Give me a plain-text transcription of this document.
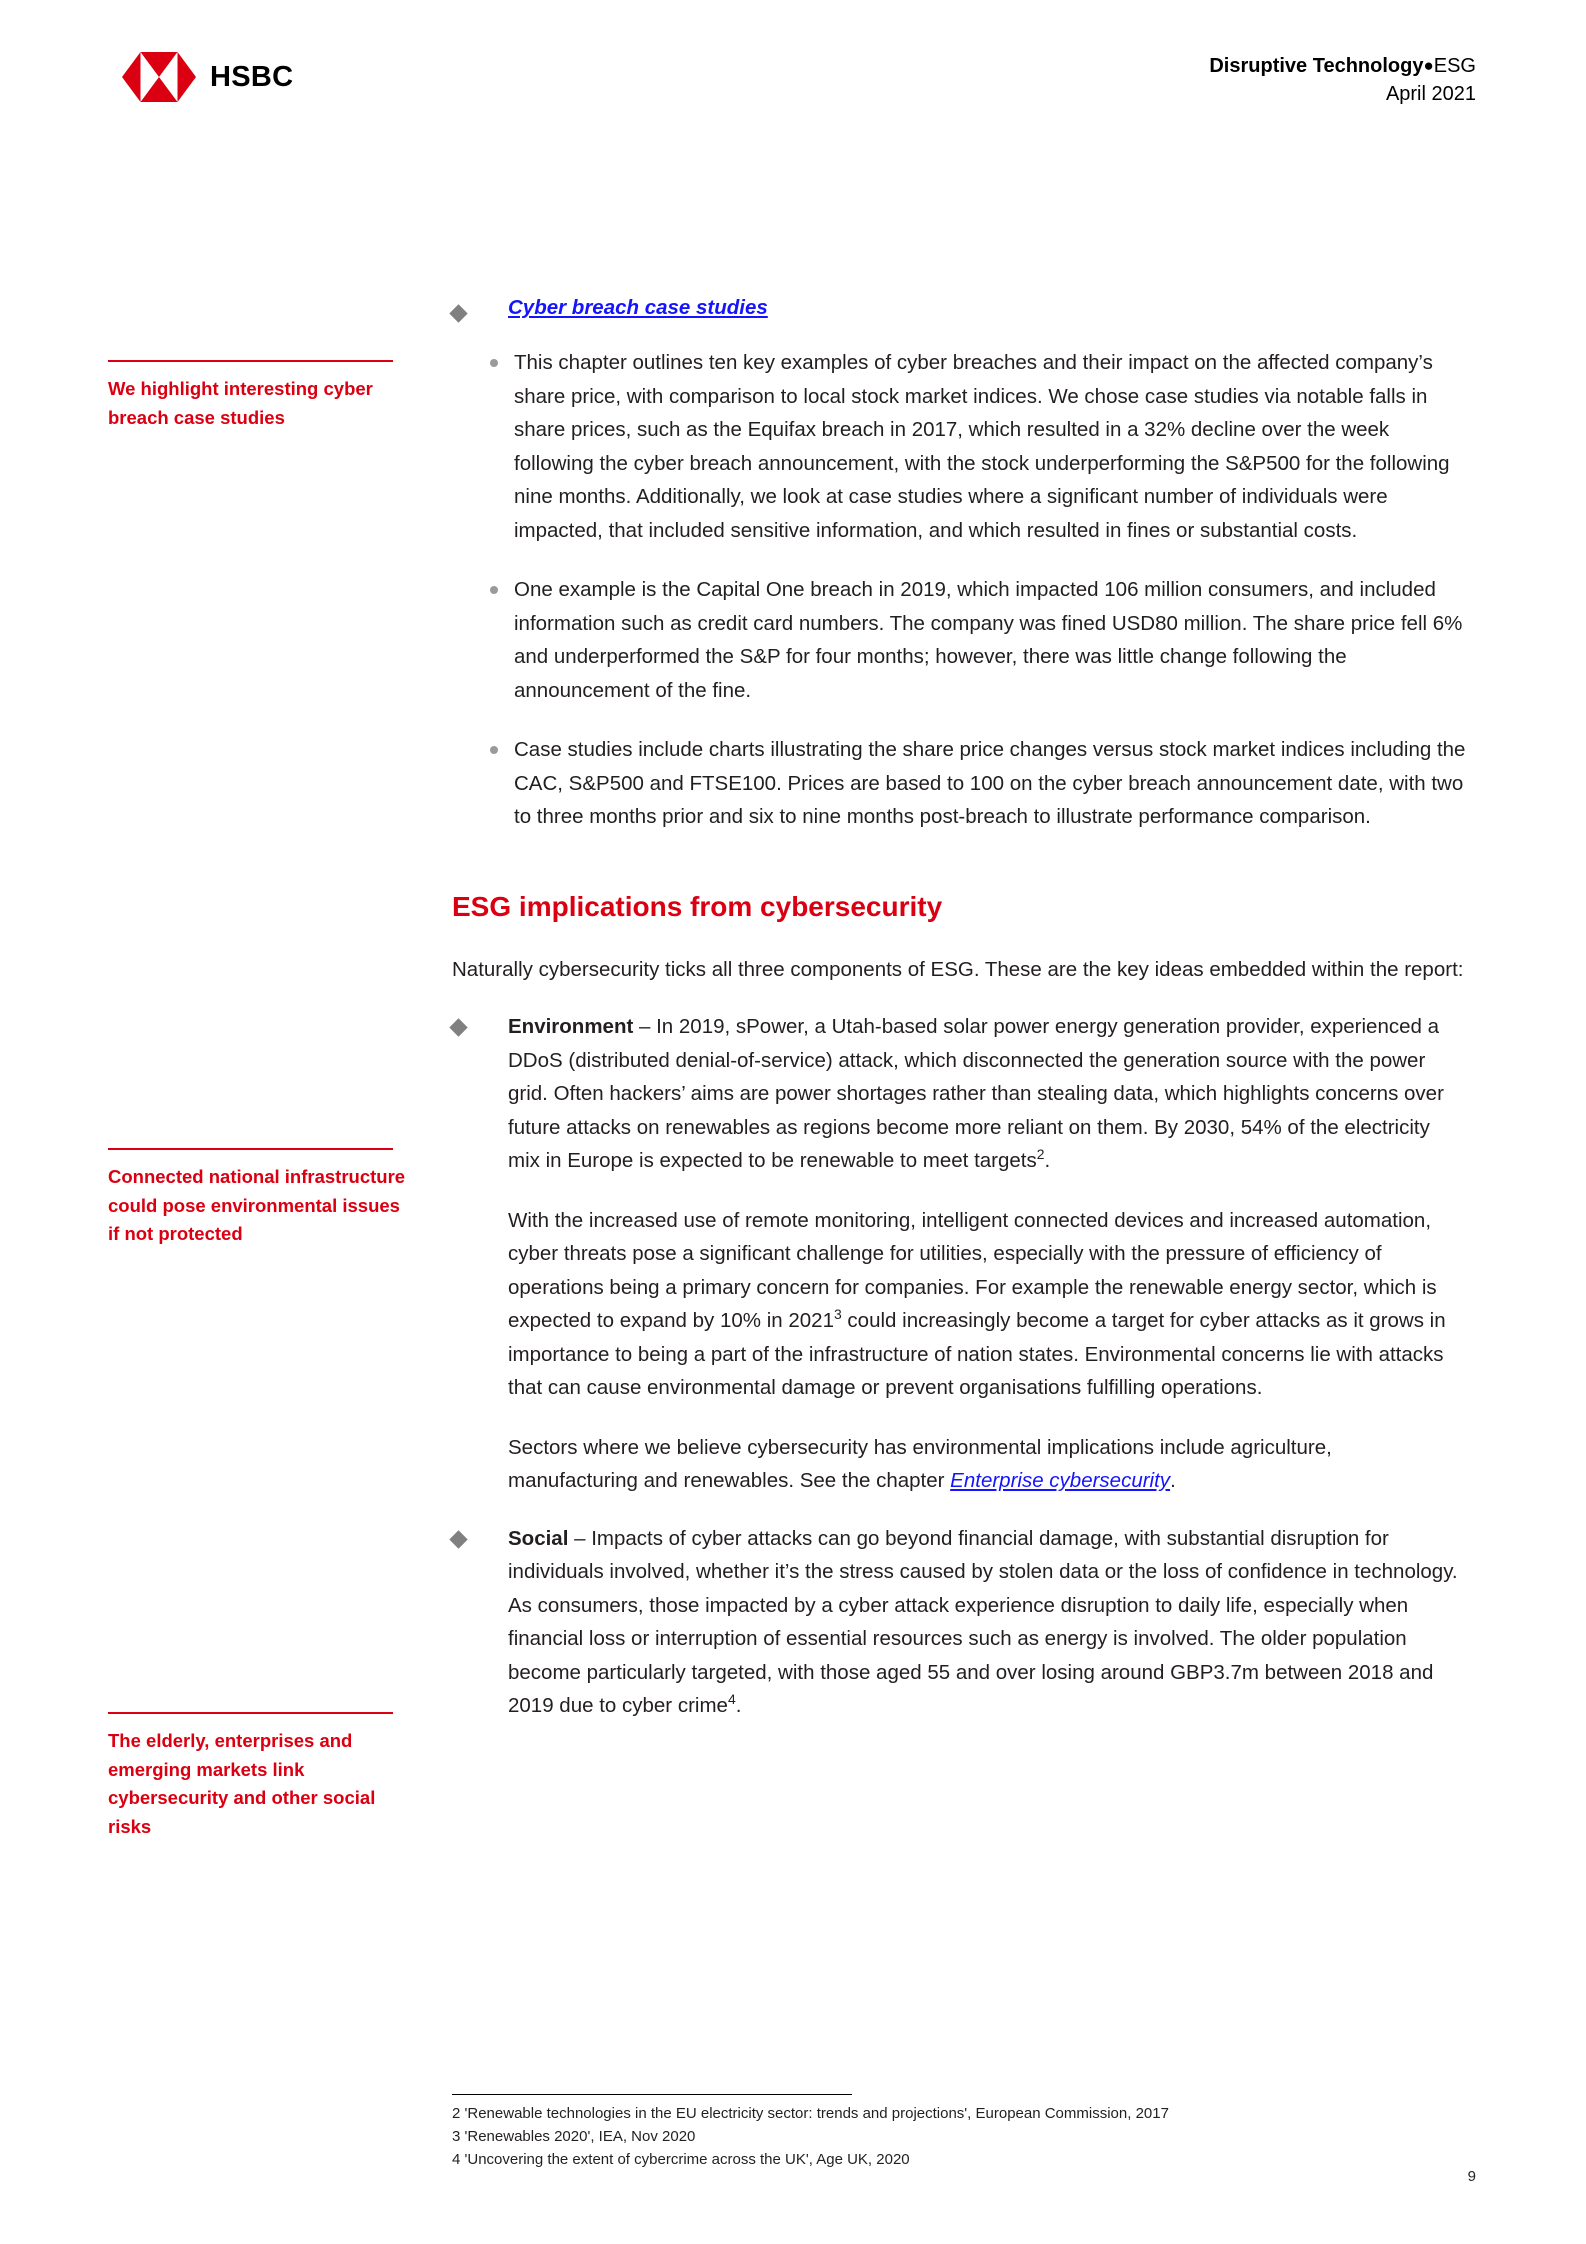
HSBC	Disruptive Technology●ESG
April 2021
We highlight interesting cyber breach case studies
Connected national infrastructure could pose environmental issues if not protected
The elderly, enterprises and emerging markets link cybersecurity and other social risks
Cyber breach case studies
This chapter outlines ten key examples of cyber breaches and their impact on the affected company’s share price, with comparison to local stock market indices. We chose case studies via notable falls in share prices, such as the Equifax breach in 2017, which resulted in a 32% decline over the week following the cyber breach announcement, with the stock underperforming the S&P500 for the following nine months. Additionally, we look at case studies where a significant number of individuals were impacted, that included sensitive information, and which resulted in fines or substantial costs.
One example is the Capital One breach in 2019, which impacted 106 million consumers, and included information such as credit card numbers. The company was fined USD80 million. The share price fell 6% and underperformed the S&P for four months; however, there was little change following the announcement of the fine.
Case studies include charts illustrating the share price changes versus stock market indices including the CAC, S&P500 and FTSE100. Prices are based to 100 on the cyber breach announcement date, with two to three months prior and six to nine months post-breach to illustrate performance comparison.
ESG implications from cybersecurity
Naturally cybersecurity ticks all three components of ESG. These are the key ideas embedded within the report:
Environment – In 2019, sPower, a Utah-based solar power energy generation provider, experienced a DDoS (distributed denial-of-service) attack, which disconnected the generation source with the power grid. Often hackers’ aims are power shortages rather than stealing data, which highlights concerns over future attacks on renewables as regions become more reliant on them. By 2030, 54% of the electricity mix in Europe is expected to be renewable to meet targets$^2$.
With the increased use of remote monitoring, intelligent connected devices and increased automation, cyber threats pose a significant challenge for utilities, especially with the pressure of efficiency of operations being a primary concern for companies. For example the renewable energy sector, which is expected to expand by 10% in 2021$^3$ could increasingly become a target for cyber attacks as it grows in importance to being a part of the infrastructure of nation states. Environmental concerns lie with attacks that can cause environmental damage or prevent organisations fulfilling operations.
Sectors where we believe cybersecurity has environmental implications include agriculture, manufacturing and renewables. See the chapter Enterprise cybersecurity.
Social – Impacts of cyber attacks can go beyond financial damage, with substantial disruption for individuals involved, whether it’s the stress caused by stolen data or the loss of confidence in technology. As consumers, those impacted by a cyber attack experience disruption to daily life, especially when financial loss or interruption of essential resources such as energy is involved. The older population become particularly targeted, with those aged 55 and over losing around GBP3.7m between 2018 and 2019 due to cyber crime$^4$.
2 'Renewable technologies in the EU electricity sector: trends and projections', European Commission, 2017
3 'Renewables 2020', IEA, Nov 2020
4 'Uncovering the extent of cybercrime across the UK', Age UK, 2020
9
